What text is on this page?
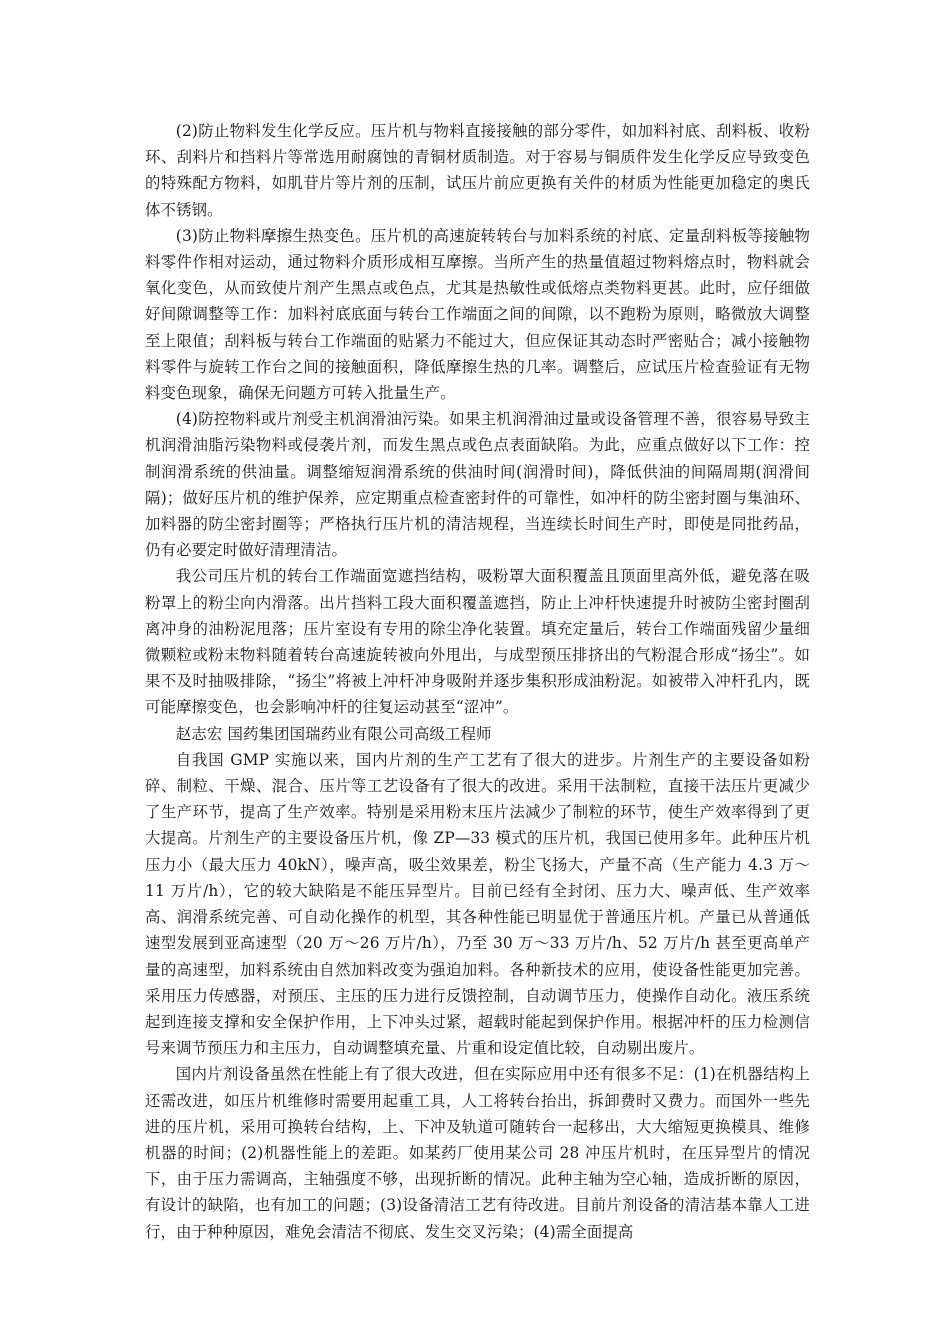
(2)防止物料发生化学反应。压片机与物料直接接触的部分零件，如加料衬底、刮料板、收粉环、刮料片和挡料片等常选用耐腐蚀的青铜材质制造。对于容易与铜质件发生化学反应导致变色的特殊配方物料，如肌苷片等片剂的压制，试压片前应更换有关件的材质为性能更加稳定的奥氏体不锈钢。

(3)防止物料摩擦生热变色。压片机的高速旋转转台与加料系统的衬底、定量刮料板等接触物料零件作相对运动，通过物料介质形成相互摩擦。当所产生的热量值超过物料熔点时，物料就会氧化变色，从而致使片剂产生黑点或色点，尤其是热敏性或低熔点类物料更甚。此时，应仔细做好间隙调整等工作：加料衬底底面与转台工作端面之间的间隙，以不跑粉为原则，略微放大调整至上限值；刮料板与转台工作端面的贴紧力不能过大，但应保证其动态时严密贴合；减小接触物料零件与旋转工作台之间的接触面积，降低摩擦生热的几率。调整后，应试压片检查验证有无物料变色现象，确保无问题方可转入批量生产。

(4)防控物料或片剂受主机润滑油污染。如果主机润滑油过量或设备管理不善，很容易导致主机润滑油脂污染物料或侵袭片剂，而发生黑点或色点表面缺陷。为此，应重点做好以下工作：控制润滑系统的供油量。调整缩短润滑系统的供油时间(润滑时间)，降低供油的间隔周期(润滑间隔)；做好压片机的维护保养，应定期重点检查密封件的可靠性，如冲杆的防尘密封圈与集油环、加料器的防尘密封圈等；严格执行压片机的清洁规程，当连续长时间生产时，即使是同批药品，仍有必要定时做好清理清洁。

我公司压片机的转台工作端面宽遮挡结构，吸粉罩大面积覆盖且顶面里高外低，避免落在吸粉罩上的粉尘向内滑落。出片挡料工段大面积覆盖遮挡，防止上冲杆快速提升时被防尘密封圈刮离冲身的油粉泥甩落；压片室设有专用的除尘净化装置。填充定量后，转台工作端面残留少量细微颗粒或粉末物料随着转台高速旋转被向外甩出，与成型预压排挤出的气粉混合形成“扬尘”。如果不及时抽吸排除，“扬尘”将被上冲杆冲身吸附并逐步集积形成油粉泥。如被带入冲杆孔内，既可能摩擦变色，也会影响冲杆的往复运动甚至“涩冲”。

赵志宏 国药集团国瑞药业有限公司高级工程师

自我国 GMP 实施以来，国内片剂的生产工艺有了很大的进步。片剂生产的主要设备如粉碎、制粒、干燥、混合、压片等工艺设备有了很大的改进。采用干法制粒，直接干法压片更减少了生产环节，提高了生产效率。特别是采用粉末压片法减少了制粒的环节，使生产效率得到了更大提高。片剂生产的主要设备压片机，像 ZP—33 模式的压片机，我国已使用多年。此种压片机压力小（最大压力 40kN），噪声高，吸尘效果差，粉尘飞扬大，产量不高（生产能力 4.3 万～11 万片/h），它的较大缺陷是不能压异型片。目前已经有全封闭、压力大、噪声低、生产效率高、润滑系统完善、可自动化操作的机型，其各种性能已明显优于普通压片机。产量已从普通低速型发展到亚高速型（20 万～26 万片/h），乃至 30 万～33 万片/h、52 万片/h 甚至更高单产量的高速型，加料系统由自然加料改变为强迫加料。各种新技术的应用，使设备性能更加完善。采用压力传感器，对预压、主压的压力进行反馈控制，自动调节压力，使操作自动化。液压系统起到连接支撑和安全保护作用，上下冲头过紧，超载时能起到保护作用。根据冲杆的压力检测信号来调节预压力和主压力，自动调整填充量、片重和设定值比较，自动剔出废片。

国内片剂设备虽然在性能上有了很大改进，但在实际应用中还有很多不足：(1)在机器结构上还需改进，如压片机维修时需要用起重工具，人工将转台抬出，拆卸费时又费力。而国外一些先进的压片机，采用可换转台结构，上、下冲及轨道可随转台一起移出，大大缩短更换模具、维修机器的时间；(2)机器性能上的差距。如某药厂使用某公司 28 冲压片机时，在压异型片的情况下，由于压力需调高，主轴强度不够，出现折断的情况。此种主轴为空心轴，造成折断的原因，有设计的缺陷，也有加工的问题；(3)设备清洁工艺有待改进。目前片剂设备的清洁基本靠人工进行，由于种种原因，难免会清洁不彻底、发生交叉污染；(4)需全面提高
